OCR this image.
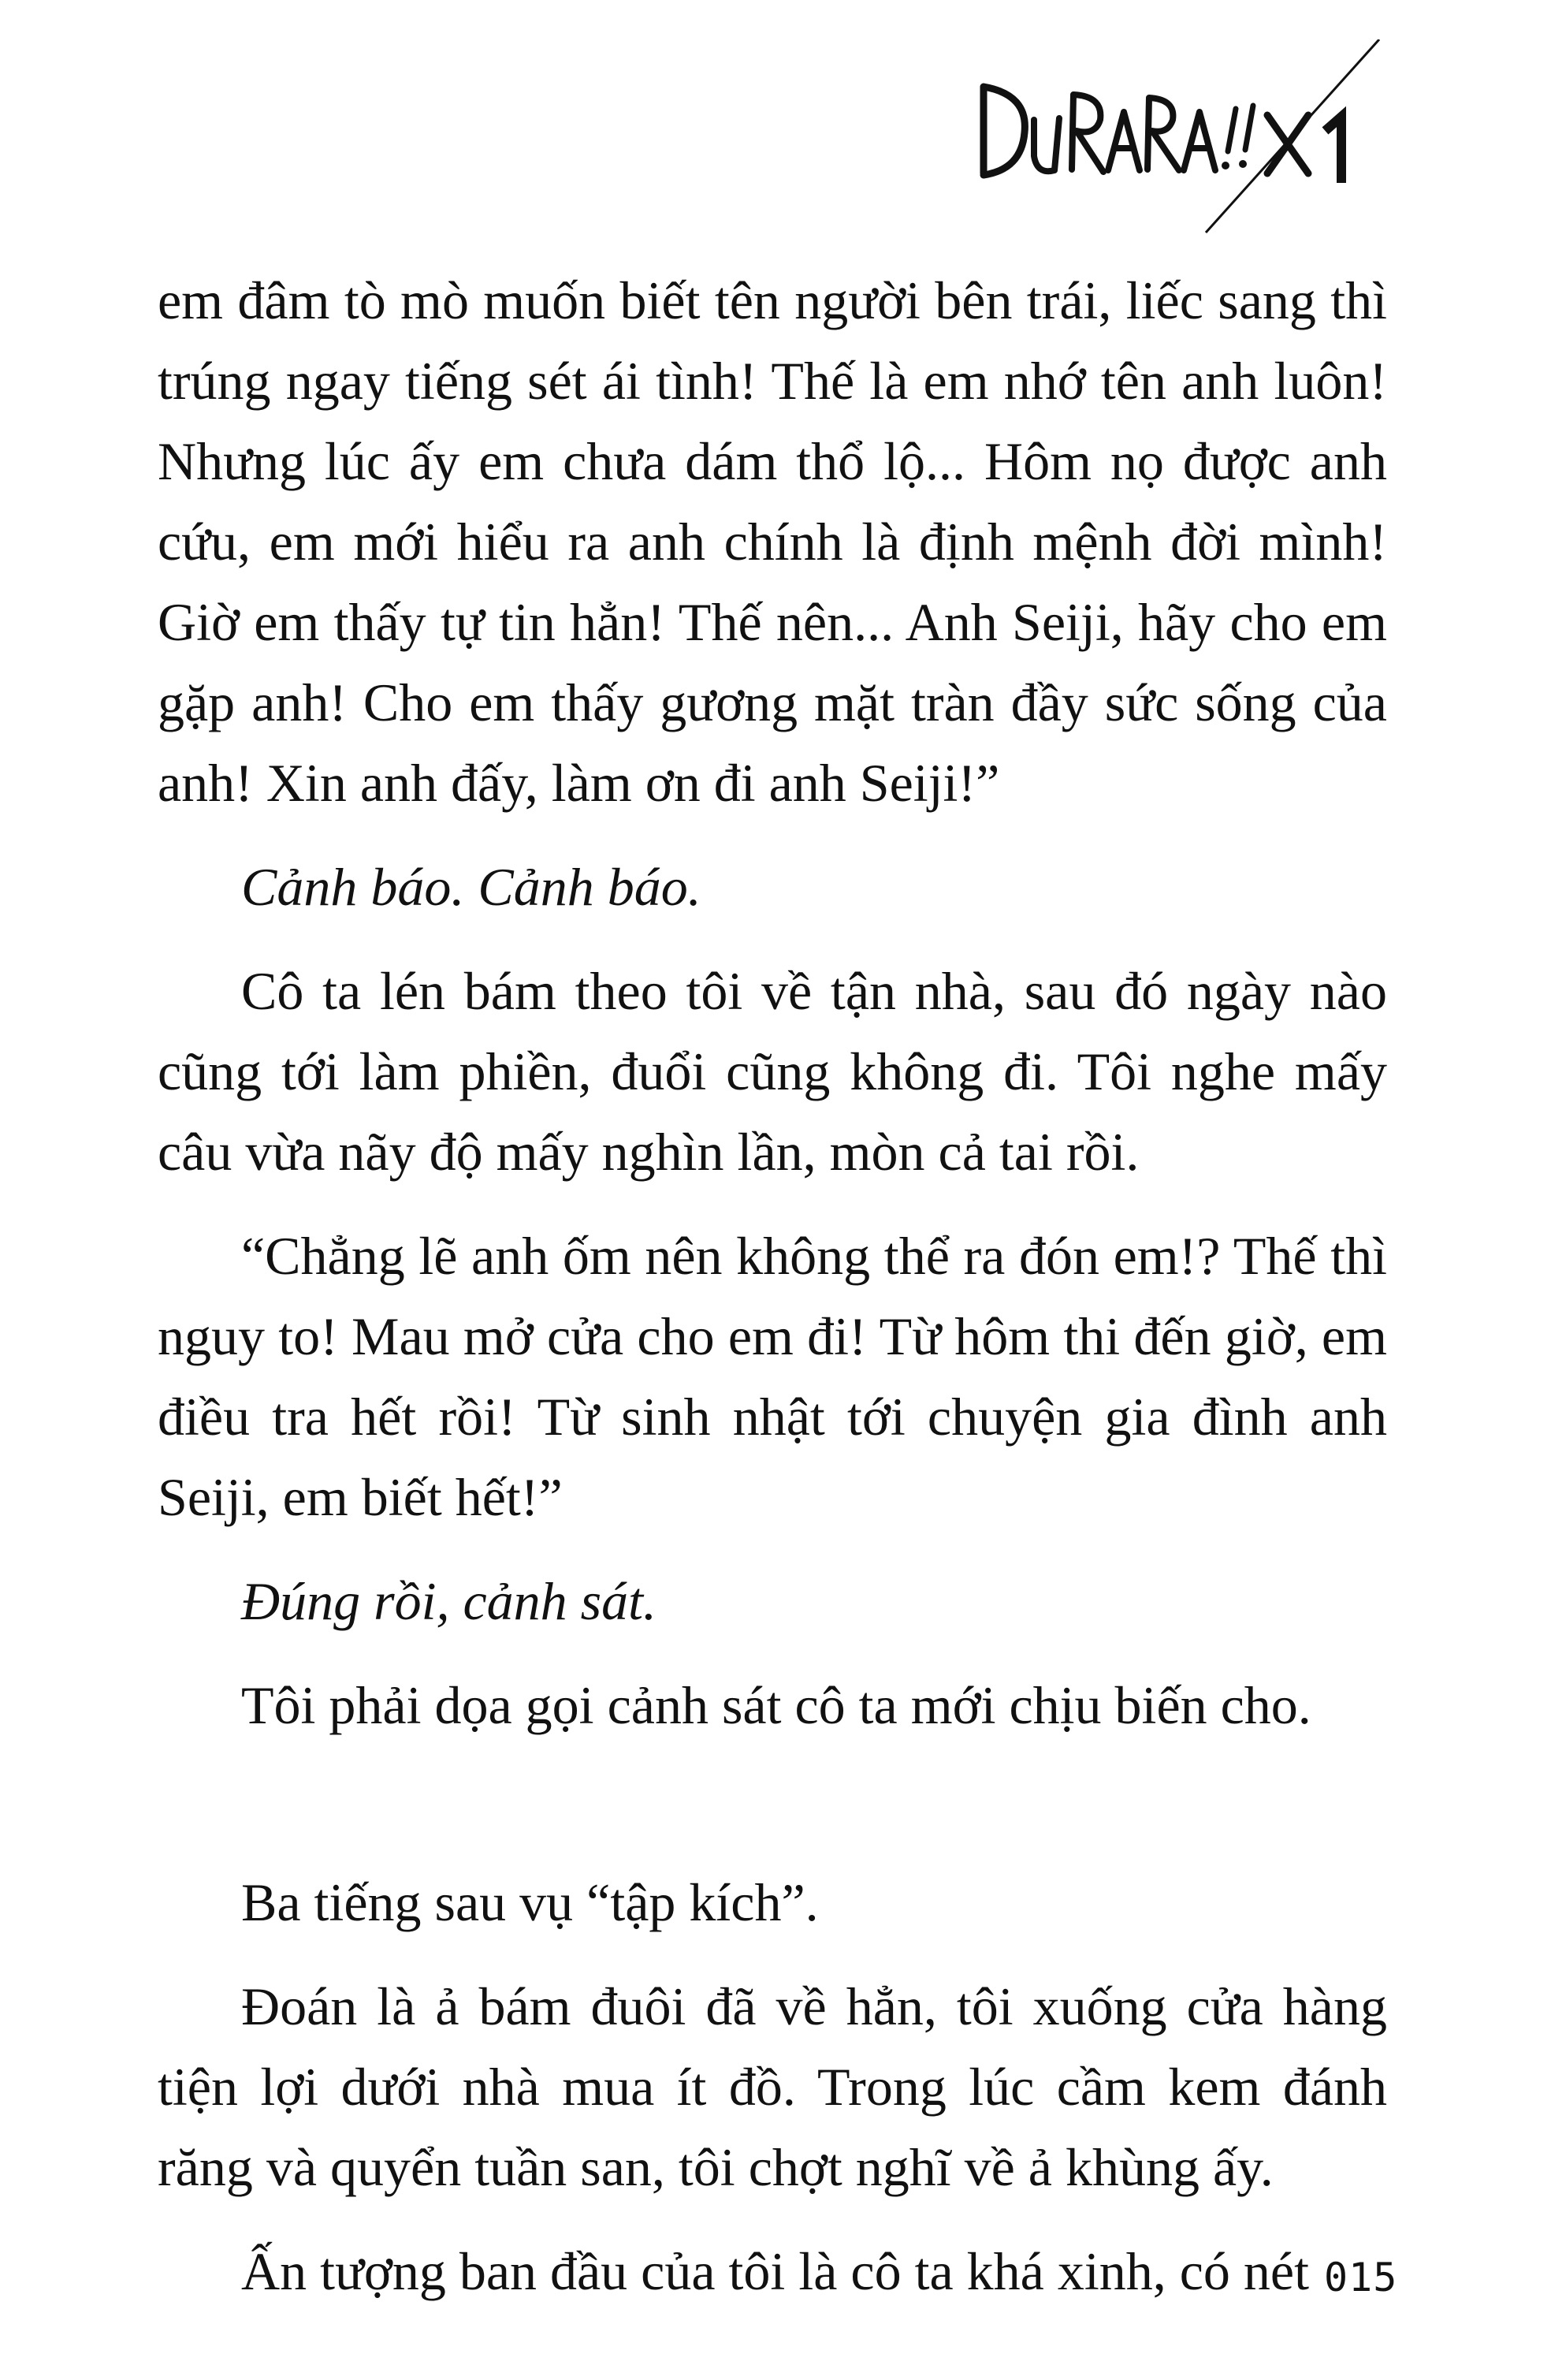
em đâm tò mò muốn biết tên người bên trái, liếc sang thì trúng ngay tiếng sét ái tình! Thế là em nhớ tên anh luôn! Nhưng lúc ấy em chưa dám thổ lộ... Hôm nọ được anh cứu, em mới hiểu ra anh chính là định mệnh đời mình! Giờ em thấy tự tin hẳn! Thế nên... Anh Seiji, hãy cho em gặp anh! Cho em thấy gương mặt tràn đầy sức sống của anh! Xin anh đấy, làm ơn đi anh Seiji!”

Cảnh báo. Cảnh báo.

Cô ta lén bám theo tôi về tận nhà, sau đó ngày nào cũng tới làm phiền, đuổi cũng không đi. Tôi nghe mấy câu vừa nãy độ mấy nghìn lần, mòn cả tai rồi.

“Chẳng lẽ anh ốm nên không thể ra đón em!? Thế thì nguy to! Mau mở cửa cho em đi! Từ hôm thi đến giờ, em điều tra hết rồi! Từ sinh nhật tới chuyện gia đình anh Seiji, em biết hết!”

Đúng rồi, cảnh sát.

Tôi phải dọa gọi cảnh sát cô ta mới chịu biến cho.

Ba tiếng sau vụ “tập kích”.

Đoán là ả bám đuôi đã về hẳn, tôi xuống cửa hàng tiện lợi dưới nhà mua ít đồ. Trong lúc cầm kem đánh răng và quyển tuần san, tôi chợt nghĩ về ả khùng ấy.

Ấn tượng ban đầu của tôi là cô ta khá xinh, có nét 015
